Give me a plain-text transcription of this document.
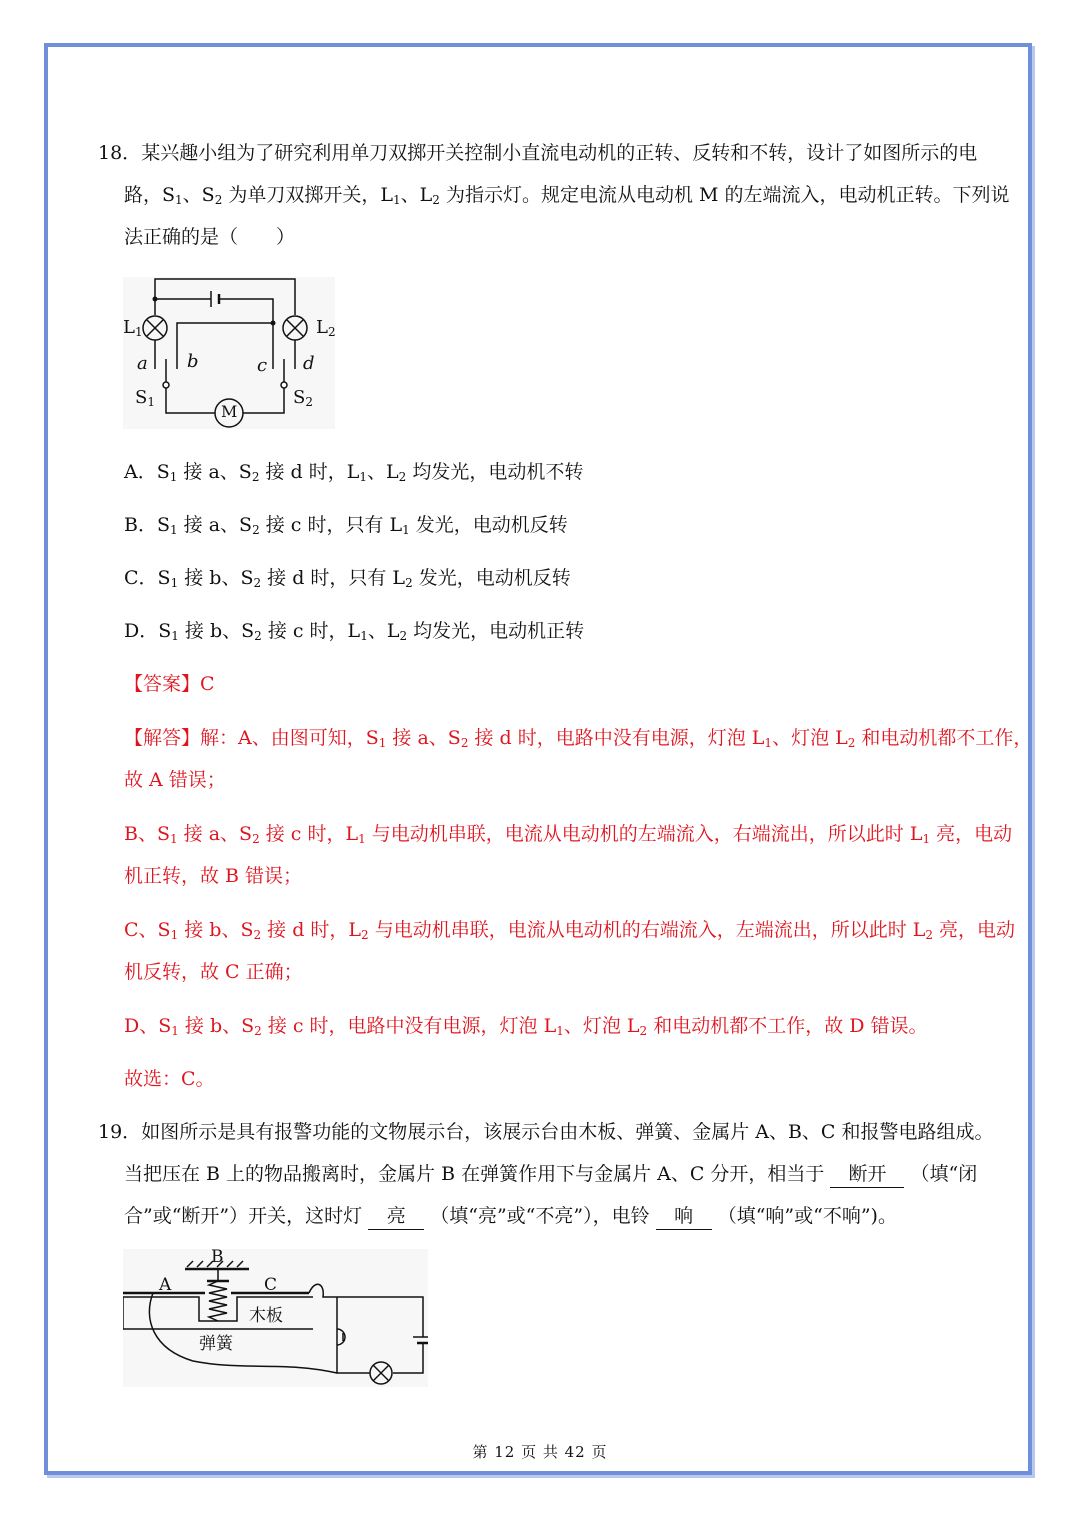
18．某兴趣小组为了研究利用单刀双掷开关控制小直流电动机的正转、反转和不转，设计了如图所示的电
路，$S_1$、$S_2$ 为单刀双掷开关，$L_1$、$L_2$ 为指示灯。规定电流从电动机 M 的左端流入，电动机正转。下列说
法正确的是（　　）
$L_1$	$L_2$
a b	c d
$S_1$	$S_2$
M
A．$S_1$ 接 a、$S_2$ 接 d 时，$L_1$、$L_2$ 均发光，电动机不转
B．$S_1$ 接 a、$S_2$ 接 c 时，只有 $L_1$ 发光，电动机反转
C．$S_1$ 接 b、$S_2$ 接 d 时，只有 $L_2$ 发光，电动机反转
D．$S_1$ 接 b、$S_2$ 接 c 时，$L_1$、$L_2$ 均发光，电动机正转
【答案】C
【解答】解：A、由图可知，$S_1$ 接 a、$S_2$ 接 d 时，电路中没有电源，灯泡 $L_1$、灯泡 $L_2$ 和电动机都不工作，
故 A 错误；
B、$S_1$ 接 a、$S_2$ 接 c 时，$L_1$ 与电动机串联，电流从电动机的左端流入，右端流出，所以此时 $L_1$ 亮，电动
机正转，故 B 错误；
C、$S_1$ 接 b、$S_2$ 接 d 时，$L_2$ 与电动机串联，电流从电动机的右端流入，左端流出，所以此时 $L_2$ 亮，电动
机反转，故 C 正确；
D、$S_1$ 接 b、$S_2$ 接 c 时，电路中没有电源，灯泡 $L_1$、灯泡 $L_2$ 和电动机都不工作，故 D 错误。
故选：C。
19．如图所示是具有报警功能的文物展示台，该展示台由木板、弹簧、金属片 A、B、C 和报警电路组成。
当把压在 B 上的物品搬离时，金属片 B 在弹簧作用下与金属片 A、C 分开，相当于 断开 （填“闭
合”或“断开”）开关，这时灯 亮 （填“亮”或“不亮”），电铃 响 （填“响”或“不响”)。
B
A	C
木板
弹簧
第 12 页 共 42 页
